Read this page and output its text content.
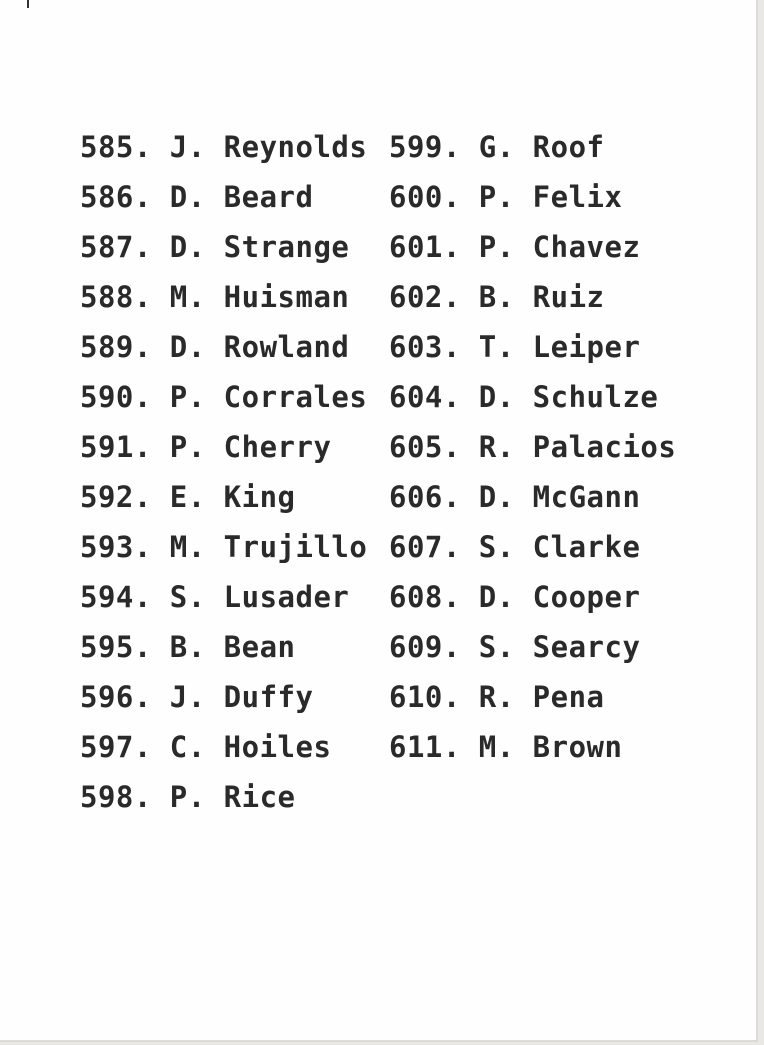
585. J. Reynolds
586. D. Beard
587. D. Strange
588. M. Huisman
589. D. Rowland
590. P. Corrales
591. P. Cherry
592. E. King
593. M. Trujillo
594. S. Lusader
595. B. Bean
596. J. Duffy
597. C. Hoiles
598. P. Rice
599. G. Roof
600. P. Felix
601. P. Chavez
602. B. Ruiz
603. T. Leiper
604. D. Schulze
605. R. Palacios
606. D. McGann
607. S. Clarke
608. D. Cooper
609. S. Searcy
610. R. Pena
611. M. Brown
